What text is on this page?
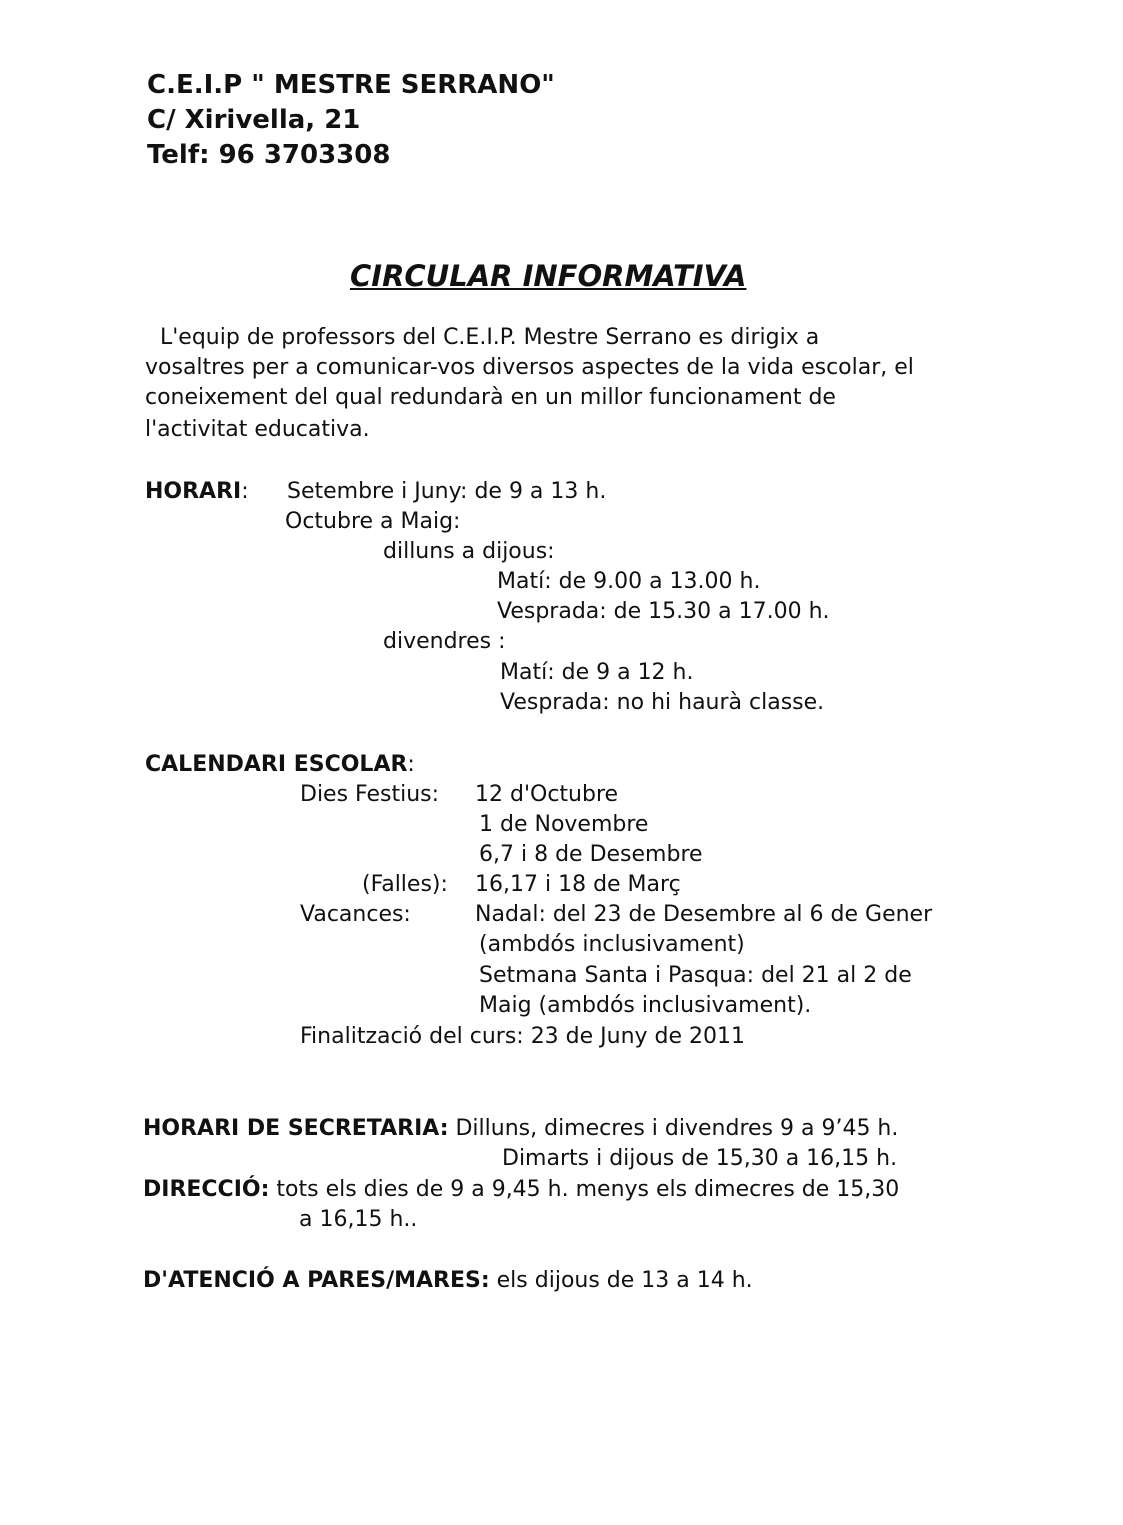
C.E.I.P " MESTRE SERRANO"
C/ Xirivella, 21
Telf: 96 3703308
CIRCULAR INFORMATIVA
L'equip de professors del C.E.I.P. Mestre Serrano es dirigix a
vosaltres per a comunicar-vos diversos aspectes de la vida escolar, el
coneixement del qual redundarà en un millor funcionament de
l'activitat educativa.
HORARI: Setembre i Juny: de 9 a 13 h.
Octubre a Maig:
dilluns a dijous:
Matí: de 9.00 a 13.00 h.
Vesprada: de 15.30 a 17.00 h.
divendres :
Matí: de 9 a 12 h.
Vesprada: no hi haurà classe.
CALENDARI ESCOLAR:
Dies Festius: 12 d'Octubre
1 de Novembre
6,7 i 8 de Desembre
(Falles): 16,17 i 18 de Març
Vacances:	Nadal: del 23 de Desembre al 6 de Gener
(ambdós inclusivament)
Setmana Santa i Pasqua: del 21 al 2 de
Maig (ambdós inclusivament).
Finalització del curs: 23 de Juny de 2011
HORARI DE SECRETARIA: Dilluns, dimecres i divendres 9 a 9’45 h.
Dimarts i dijous de 15,30 a 16,15 h.
DIRECCIÓ: tots els dies de 9 a 9,45 h. menys els dimecres de 15,30
a 16,15 h..
D'ATENCIÓ A PARES/MARES: els dijous de 13 a 14 h.
